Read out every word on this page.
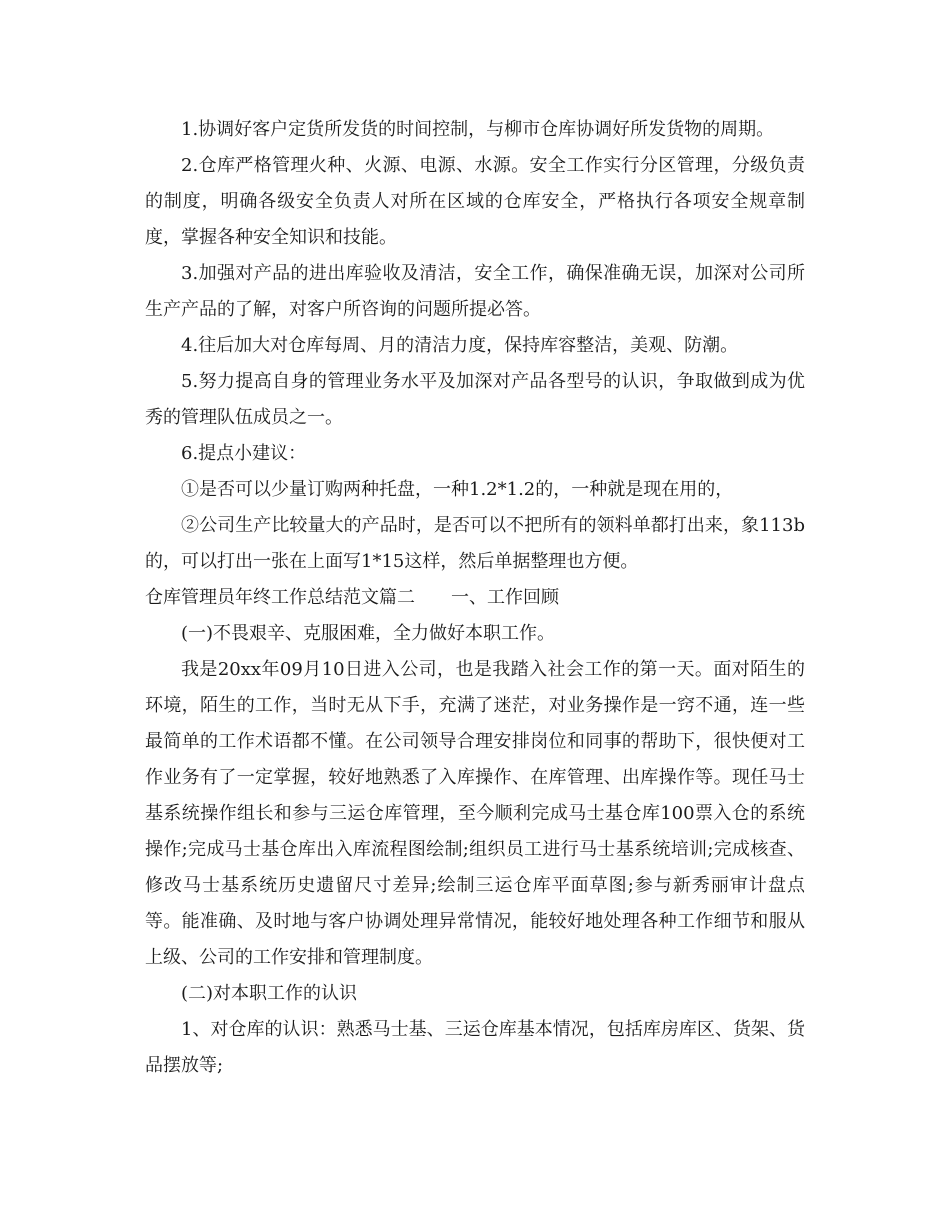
1.协调好客户定货所发货的时间控制，与柳市仓库协调好所发货物的周期。

2.仓库严格管理火种、火源、电源、水源。安全工作实行分区管理，分级负责的制度，明确各级安全负责人对所在区域的仓库安全，严格执行各项安全规章制度，掌握各种安全知识和技能。

3.加强对产品的进出库验收及清洁，安全工作，确保准确无误，加深对公司所生产产品的了解，对客户所咨询的问题所提必答。

4.往后加大对仓库每周、月的清洁力度，保持库容整洁，美观、防潮。

5.努力提高自身的管理业务水平及加深对产品各型号的认识，争取做到成为优秀的管理队伍成员之一。

6.提点小建议：

①是否可以少量订购两种托盘，一种1.2*1.2的，一种就是现在用的，

②公司生产比较量大的产品时，是否可以不把所有的领料单都打出来，象113b的，可以打出一张在上面写1*15这样，然后单据整理也方便。

仓库管理员年终工作总结范文篇二 一、工作回顾

(一)不畏艰辛、克服困难，全力做好本职工作。

我是20xx年09月10日进入公司，也是我踏入社会工作的第一天。面对陌生的环境，陌生的工作，当时无从下手，充满了迷茫，对业务操作是一窍不通，连一些最简单的工作术语都不懂。在公司领导合理安排岗位和同事的帮助下，很快便对工作业务有了一定掌握，较好地熟悉了入库操作、在库管理、出库操作等。现任马士基系统操作组长和参与三运仓库管理，至今顺利完成马士基仓库100票入仓的系统操作;完成马士基仓库出入库流程图绘制;组织员工进行马士基系统培训;完成核查、修改马士基系统历史遗留尺寸差异;绘制三运仓库平面草图;参与新秀丽审计盘点等。能准确、及时地与客户协调处理异常情况，能较好地处理各种工作细节和服从上级、公司的工作安排和管理制度。

(二)对本职工作的认识

1、对仓库的认识：熟悉马士基、三运仓库基本情况，包括库房库区、货架、货品摆放等;
